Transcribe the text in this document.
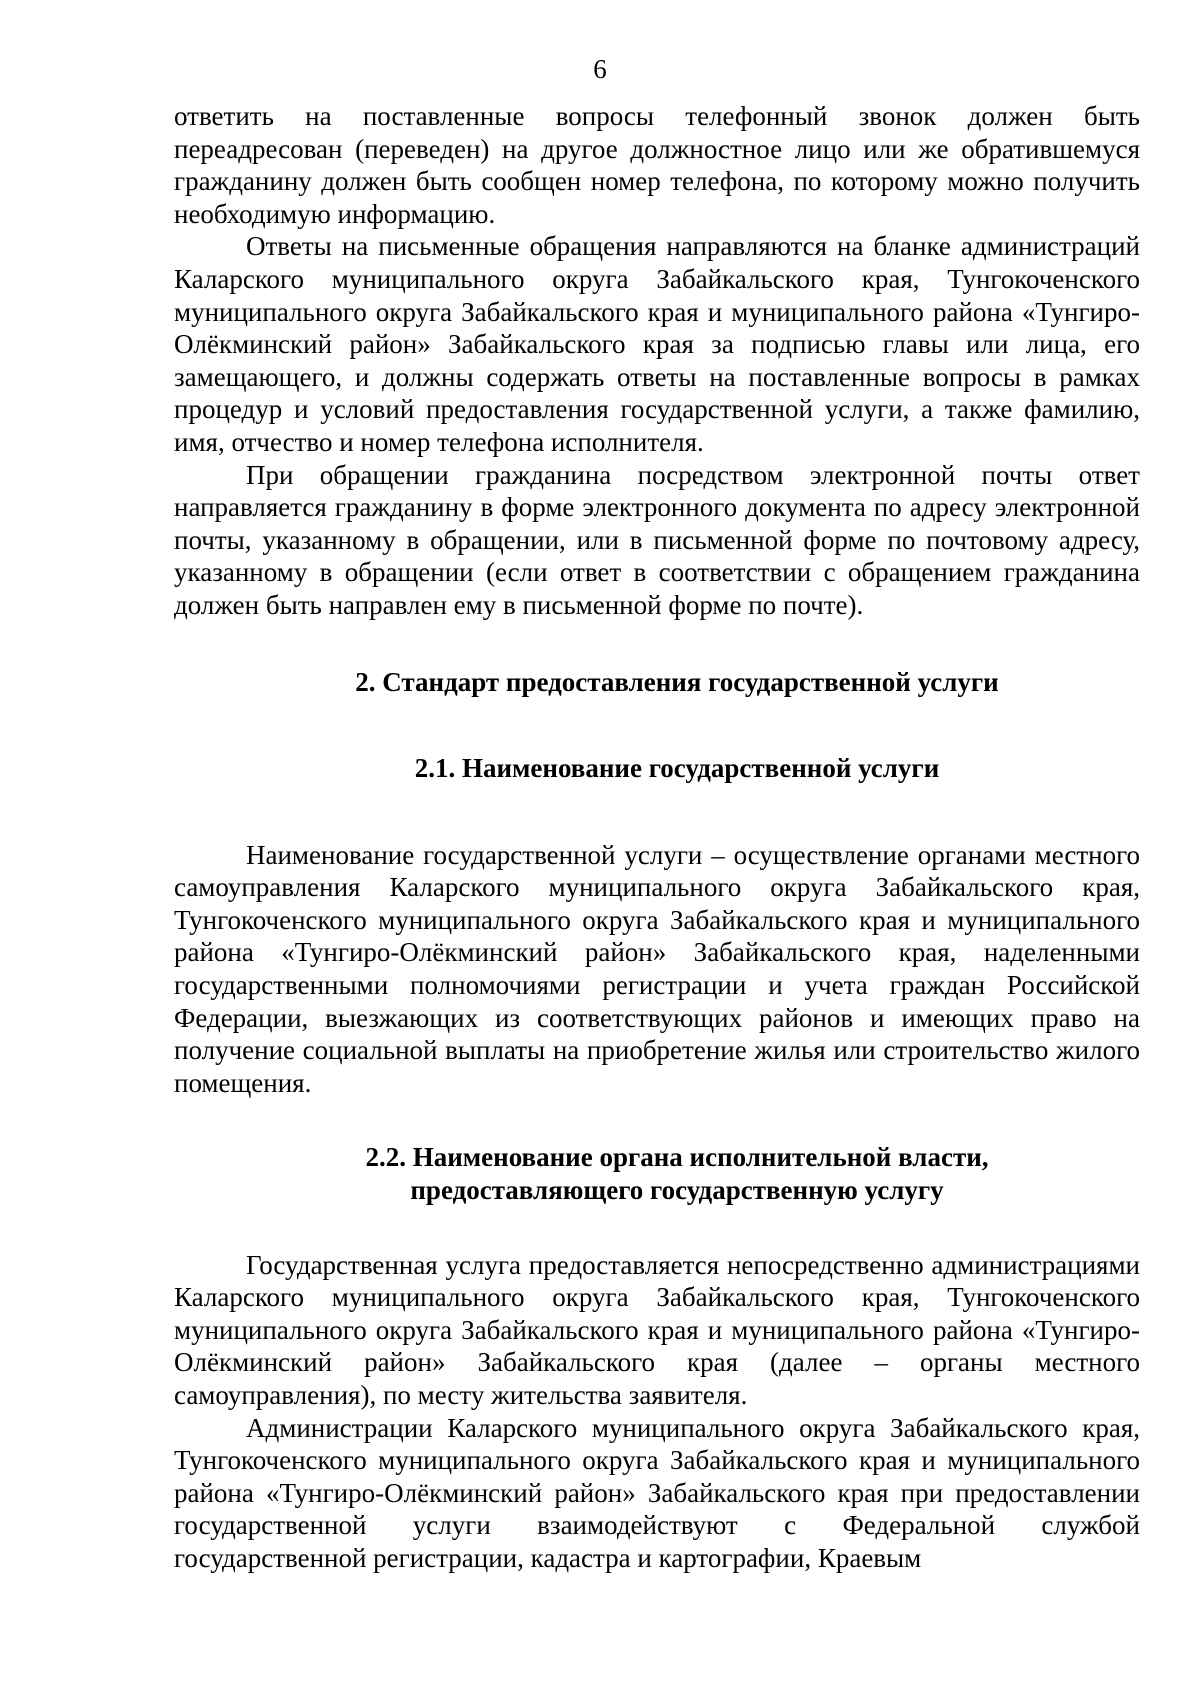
6

ответить на поставленные вопросы телефонный звонок должен быть переадресован (переведен) на другое должностное лицо или же обратившемуся гражданину должен быть сообщен номер телефона, по которому можно получить необходимую информацию.

Ответы на письменные обращения направляются на бланке администраций Каларского муниципального округа Забайкальского края, Тунгокоченского муниципального округа Забайкальского края и муниципального района «Тунгиро-Олёкминский район» Забайкальского края за подписью главы или лица, его замещающего, и должны содержать ответы на поставленные вопросы в рамках процедур и условий предоставления государственной услуги, а также фамилию, имя, отчество и номер телефона исполнителя.

При обращении гражданина посредством электронной почты ответ направляется гражданину в форме электронного документа по адресу электронной почты, указанному в обращении, или в письменной форме по почтовому адресу, указанному в обращении (если ответ в соответствии с обращением гражданина должен быть направлен ему в письменной форме по почте).

2. Стандарт предоставления государственной услуги
2.1. Наименование государственной услуги

Наименование государственной услуги – осуществление органами местного самоуправления Каларского муниципального округа Забайкальского края, Тунгокоченского муниципального округа Забайкальского края и муниципального района «Тунгиро-Олёкминский район» Забайкальского края, наделенными государственными полномочиями регистрации и учета граждан Российской Федерации, выезжающих из соответствующих районов и имеющих право на получение социальной выплаты на приобретение жилья или строительство жилого помещения.

2.2. Наименование органа исполнительной власти,
предоставляющего государственную услугу

Государственная услуга предоставляется непосредственно администрациями Каларского муниципального округа Забайкальского края, Тунгокоченского муниципального округа Забайкальского края и муниципального района «Тунгиро-Олёкминский район» Забайкальского края (далее – органы местного самоуправления), по месту жительства заявителя.

Администрации Каларского муниципального округа Забайкальского края, Тунгокоченского муниципального округа Забайкальского края и муниципального района «Тунгиро-Олёкминский район» Забайкальского края при предоставлении государственной услуги взаимодействуют с Федеральной службой государственной регистрации, кадастра и картографии, Краевым
